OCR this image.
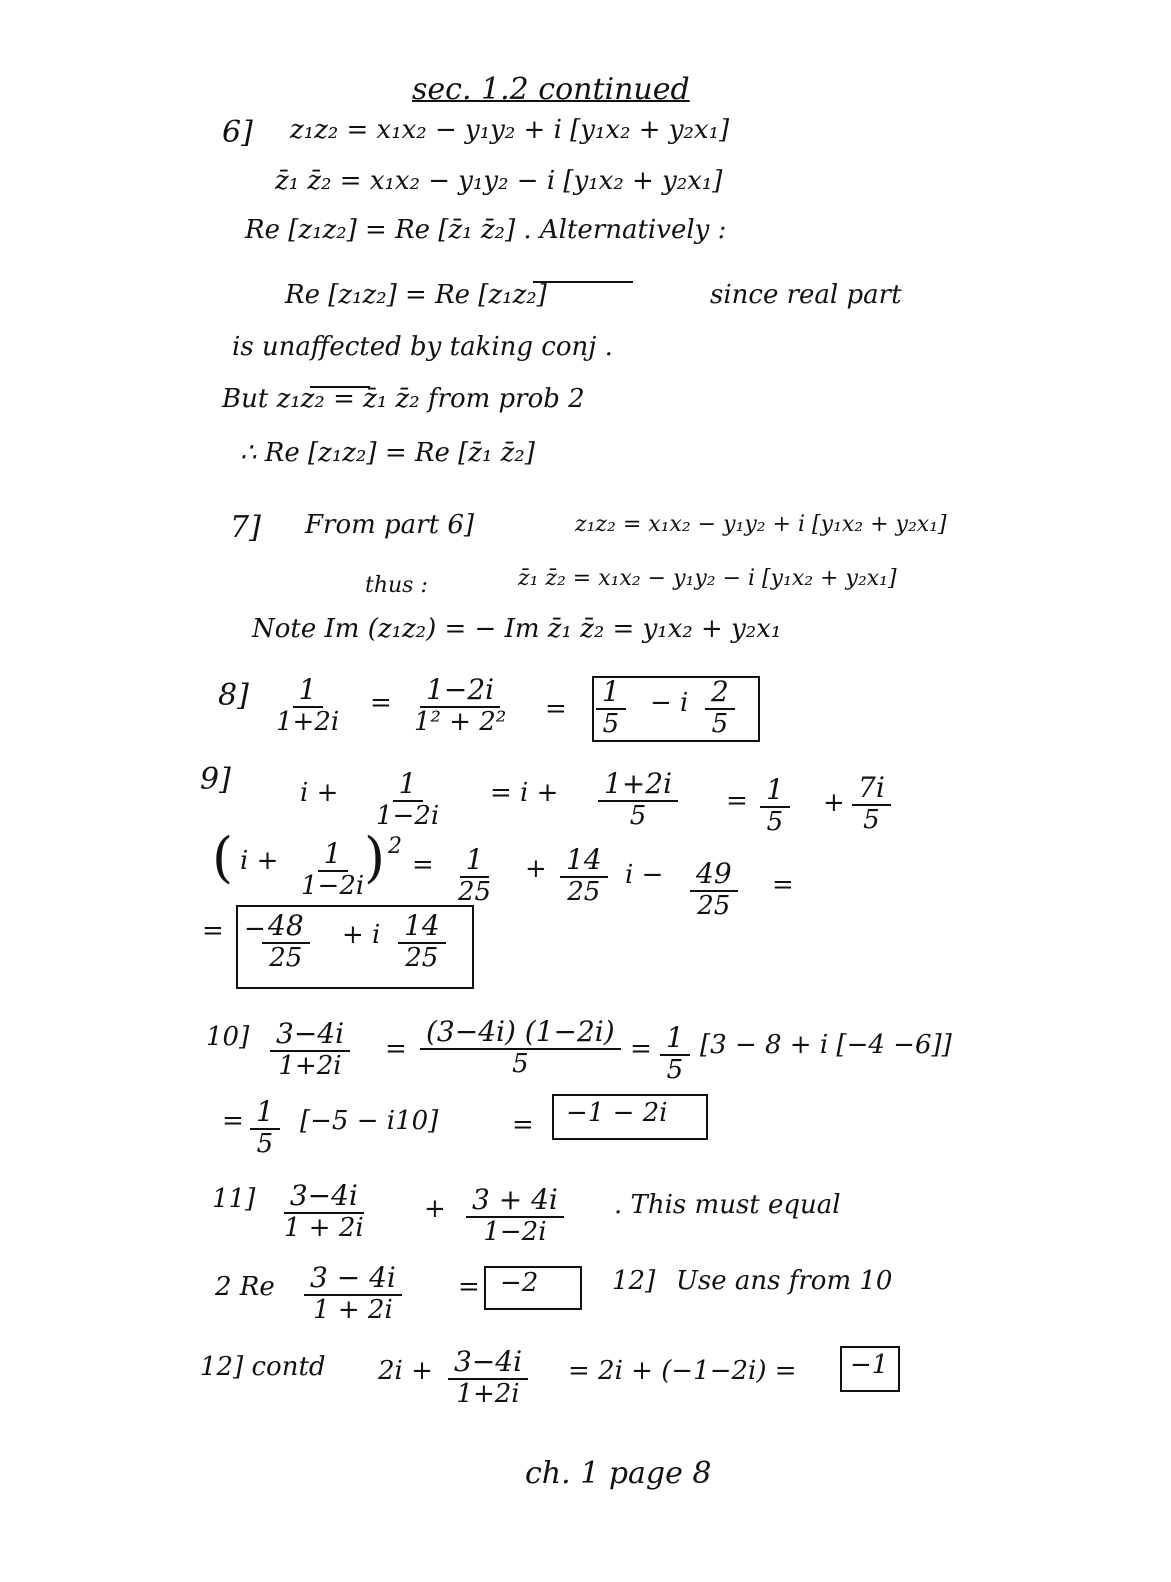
sec. 1.2 continued
6] z₁z₂ = x₁x₂ − y₁y₂ + i [y₁x₂ + y₂x₁]
z̄₁ z̄₂ = x₁x₂ − y₁y₂ − i [y₁x₂ + y₂x₁]
Re [z₁z₂] = Re [z̄₁ z̄₂] . Alternatively :
Re [z₁z₂] = Re [z₁z₂]	since real part
is unaffected by taking conj .
But z₁z₂ = z̄₁ z̄₂ from prob 2
∴ Re [z₁z₂] = Re [z̄₁ z̄₂]
7] From part 6]	z₁z₂ = x₁x₂ − y₁y₂ + i [y₁x₂ + y₂x₁]
thus :	z̄₁ z̄₂ = x₁x₂ − y₁y₂ − i [y₁x₂ + y₂x₁]
Note Im (z₁z₂) = − Im z̄₁ z̄₂ = y₁x₂ + y₂x₁
$8] \frac{1}{1+2i} = \frac{1-2i}{\text{1² + 2²}} = \frac{1}{5} - i \frac{2}{5}$
9]	$i + \frac{1}{1-2i} = i + \frac{1+2i}{5} = \frac{1}{5} + \frac{7i}{5}$
( $i + \frac{1}{1-2i}$
) 2
= $\frac{1}{25} + \frac{14}{25}$ $i - \frac{49}{25}$ =
= −
$\frac{48}{25} + i \frac{14}{25}$
$10] \frac{3-4i}{1+2i} = \frac{(3-4i) (1-2i)}{5} = \frac{1}{5} [3 - 8 + i$ [−4 −6]]
= $\frac{1}{5} [-5 - i10]$	= −1 − 2i
$11] \frac{3-4i}{1 + 2i} + \frac{3 + 4i}{1-2i}$ . This must equal
2 Re $\frac{3 - 4i}{1 + 2i} = -2$	12] Use ans from 10
12] contd $2i + \frac{3-4i}{1+2i} = 2i + (-1-2i) = -1$
ch. 1 page 8
